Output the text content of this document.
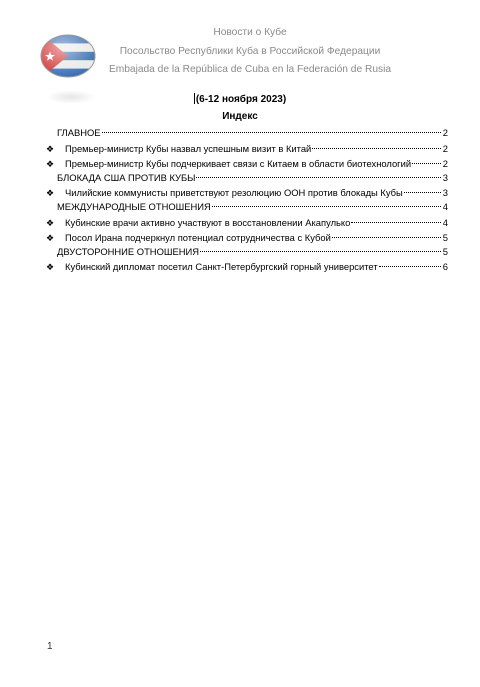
Новости о Кубе
Посольство Республики Куба в Российской Федерации
Embajada de la República de Cuba en la Federación de Rusia
(6-12 ноября 2023)
Индекс
ГЛАВНОЕ	2
❖	Премьер-министр Кубы назвал успешным визит в Китай	2
❖	Премьер-министр Кубы подчеркивает связи с Китаем в области биотехнологий	2
БЛОКАДА США ПРОТИВ КУБЫ	3
❖	Чилийские коммунисты приветствуют резолюцию ООН против блокады Кубы	3
МЕЖДУНАРОДНЫЕ ОТНОШЕНИЯ	4
❖	Кубинские врачи активно участвуют в восстановлении Акапулько	4
❖	Посол Ирана подчеркнул потенциал сотрудничества с Кубой	5
ДВУСТОРОННИЕ ОТНОШЕНИЯ	5
❖	Кубинский дипломат посетил Санкт-Петербургский горный университет	6
1
